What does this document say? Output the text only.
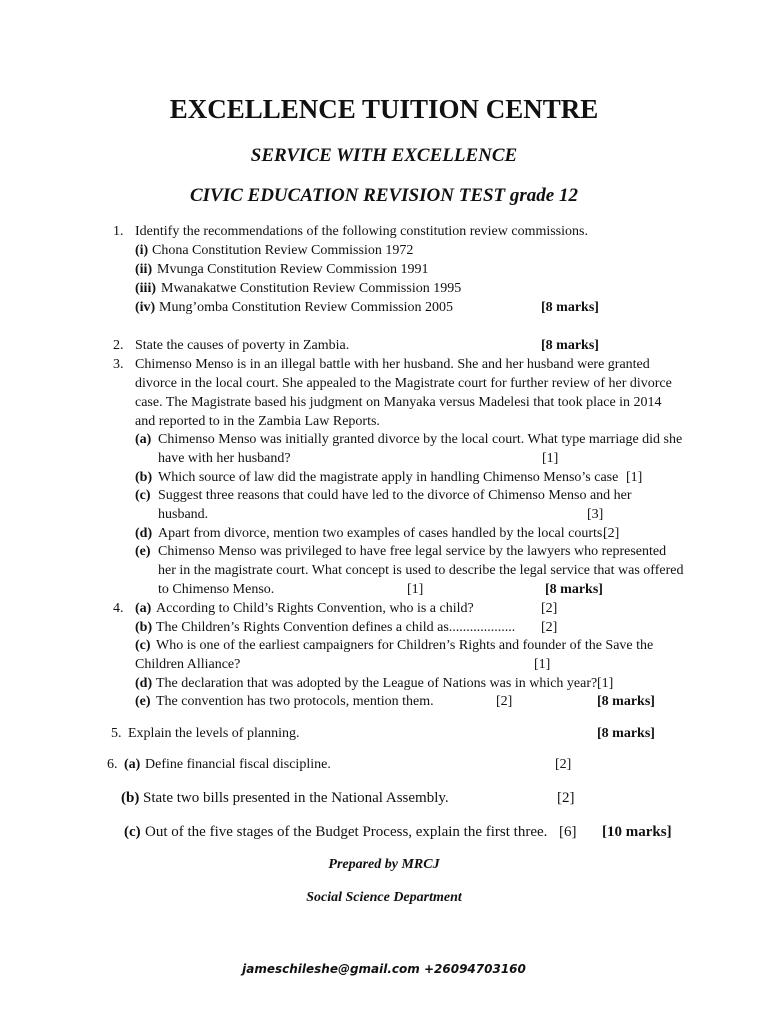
EXCELLENCE TUITION CENTRE
SERVICE WITH EXCELLENCE
CIVIC EDUCATION REVISION TEST grade 12
1. Identify the recommendations of the following constitution review commissions.
(i) Chona Constitution Review Commission 1972
(ii) Mvunga Constitution Review Commission 1991
(iii) Mwanakatwe Constitution Review Commission 1995
(iv) Mung’omba Constitution Review Commission 2005	[8 marks]
2. State the causes of poverty in Zambia.	[8 marks]
3. Chimenso Menso is in an illegal battle with her husband. She and her husband were granted
divorce in the local court. She appealed to the Magistrate court for further review of her divorce
case. The Magistrate based his judgment on Manyaka versus Madelesi that took place in 2014
and reported to in the Zambia Law Reports.
(a) Chimenso Menso was initially granted divorce by the local court. What type marriage did she
have with her husband?	[1]
(b) Which source of law did the magistrate apply in handling Chimenso Menso’s case [1]
(c) Suggest three reasons that could have led to the divorce of Chimenso Menso and her
husband.	[3]
(d) Apart from divorce, mention two examples of cases handled by the local courts.
[2]
(e) Chimenso Menso was privileged to have free legal service by the lawyers who represented
her in the magistrate court. What concept is used to describe the legal service that was offered
to Chimenso Menso.	[1]	[8 marks]
4. (a) According to Child’s Rights Convention, who is a child?	[2]
(b) The Children’s Rights Convention defines a child as................... [2]
(c) Who is one of the earliest campaigners for Children’s Rights and founder of the Save the
Children Alliance?	[1]
(d) The declaration that was adopted by the League of Nations was in which year? [1]
(e) The convention has two protocols, mention them.	[2]	[8 marks]
5. Explain the levels of planning.	[8 marks]
6. (a) Define financial fiscal discipline.	[2]
(b) State two bills presented in the National Assembly.	[2]
(c) Out of the five stages of the Budget Process, explain the first three. [6] [10 marks]
Prepared by MRCJ
Social Science Department
jameschileshe@gmail.com +26094703160
